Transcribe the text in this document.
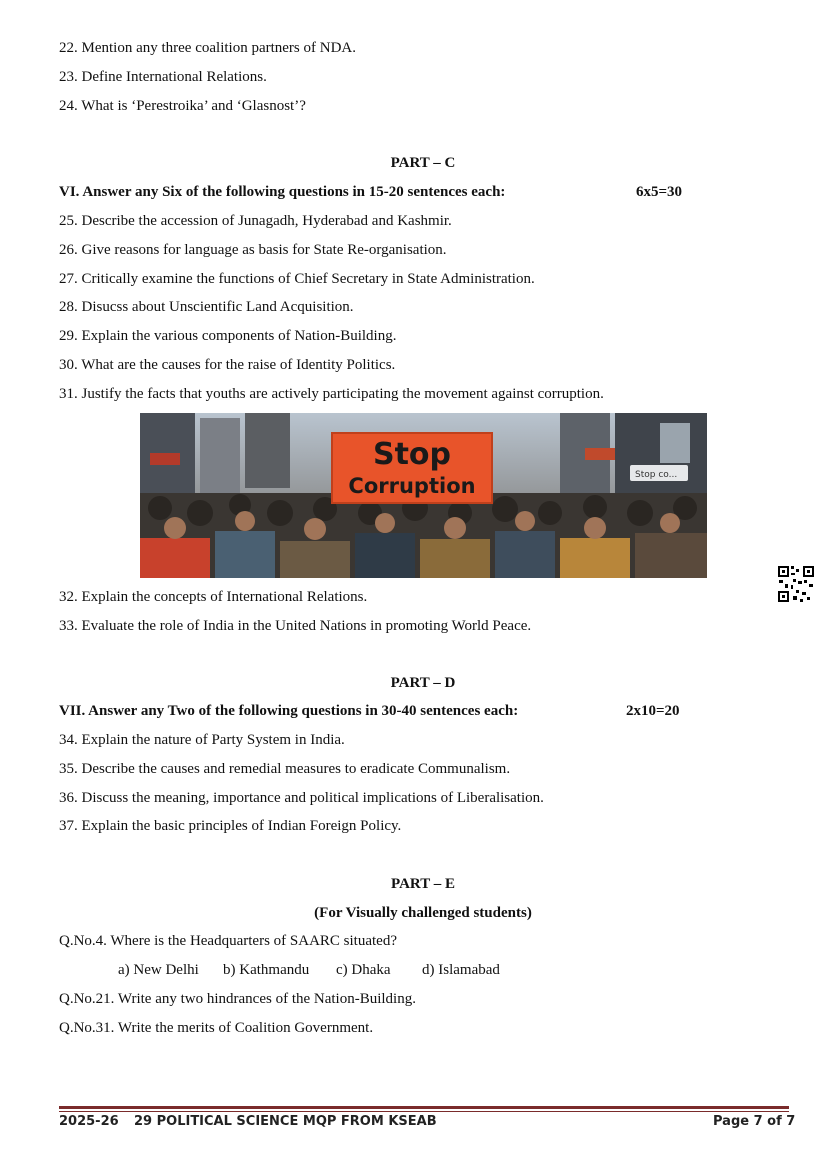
22. Mention any three coalition partners of NDA.
23. Define International Relations.
24. What is ‘Perestroika’ and ‘Glasnost’?
PART – C
VI. Answer any Six of the following questions in 15-20 sentences each:	6x5=30
25. Describe the accession of Junagadh, Hyderabad and Kashmir.
26. Give reasons for language as basis for State Re-organisation.
27. Critically examine the functions of Chief Secretary in State Administration.
28. Disucss about Unscientific Land Acquisition.
29. Explain the various components of Nation-Building.
30. What are the causes for the raise of Identity Politics.
31. Justify the facts that youths are actively participating the movement against corruption.
Stop co...
Stop
Corruption
32. Explain the concepts of International Relations.
33. Evaluate the role of India in the United Nations in promoting World Peace.
PART – D
VII. Answer any Two of the following questions in 30-40 sentences each:	2x10=20
34. Explain the nature of Party System in India.
35. Describe the causes and remedial measures to eradicate Communalism.
36. Discuss the meaning, importance and political implications of Liberalisation.
37. Explain the basic principles of Indian Foreign Policy.
PART – E
(For Visually challenged students)
Q.No.4. Where is the Headquarters of SAARC situated?
a) New Delhi b) Kathmandu c) Dhaka d) Islamabad
Q.No.21. Write any two hindrances of the Nation-Building.
Q.No.31. Write the merits of Coalition Government.
2025-26 29 POLITICAL SCIENCE MQP FROM KSEAB	Page 7 of 7
